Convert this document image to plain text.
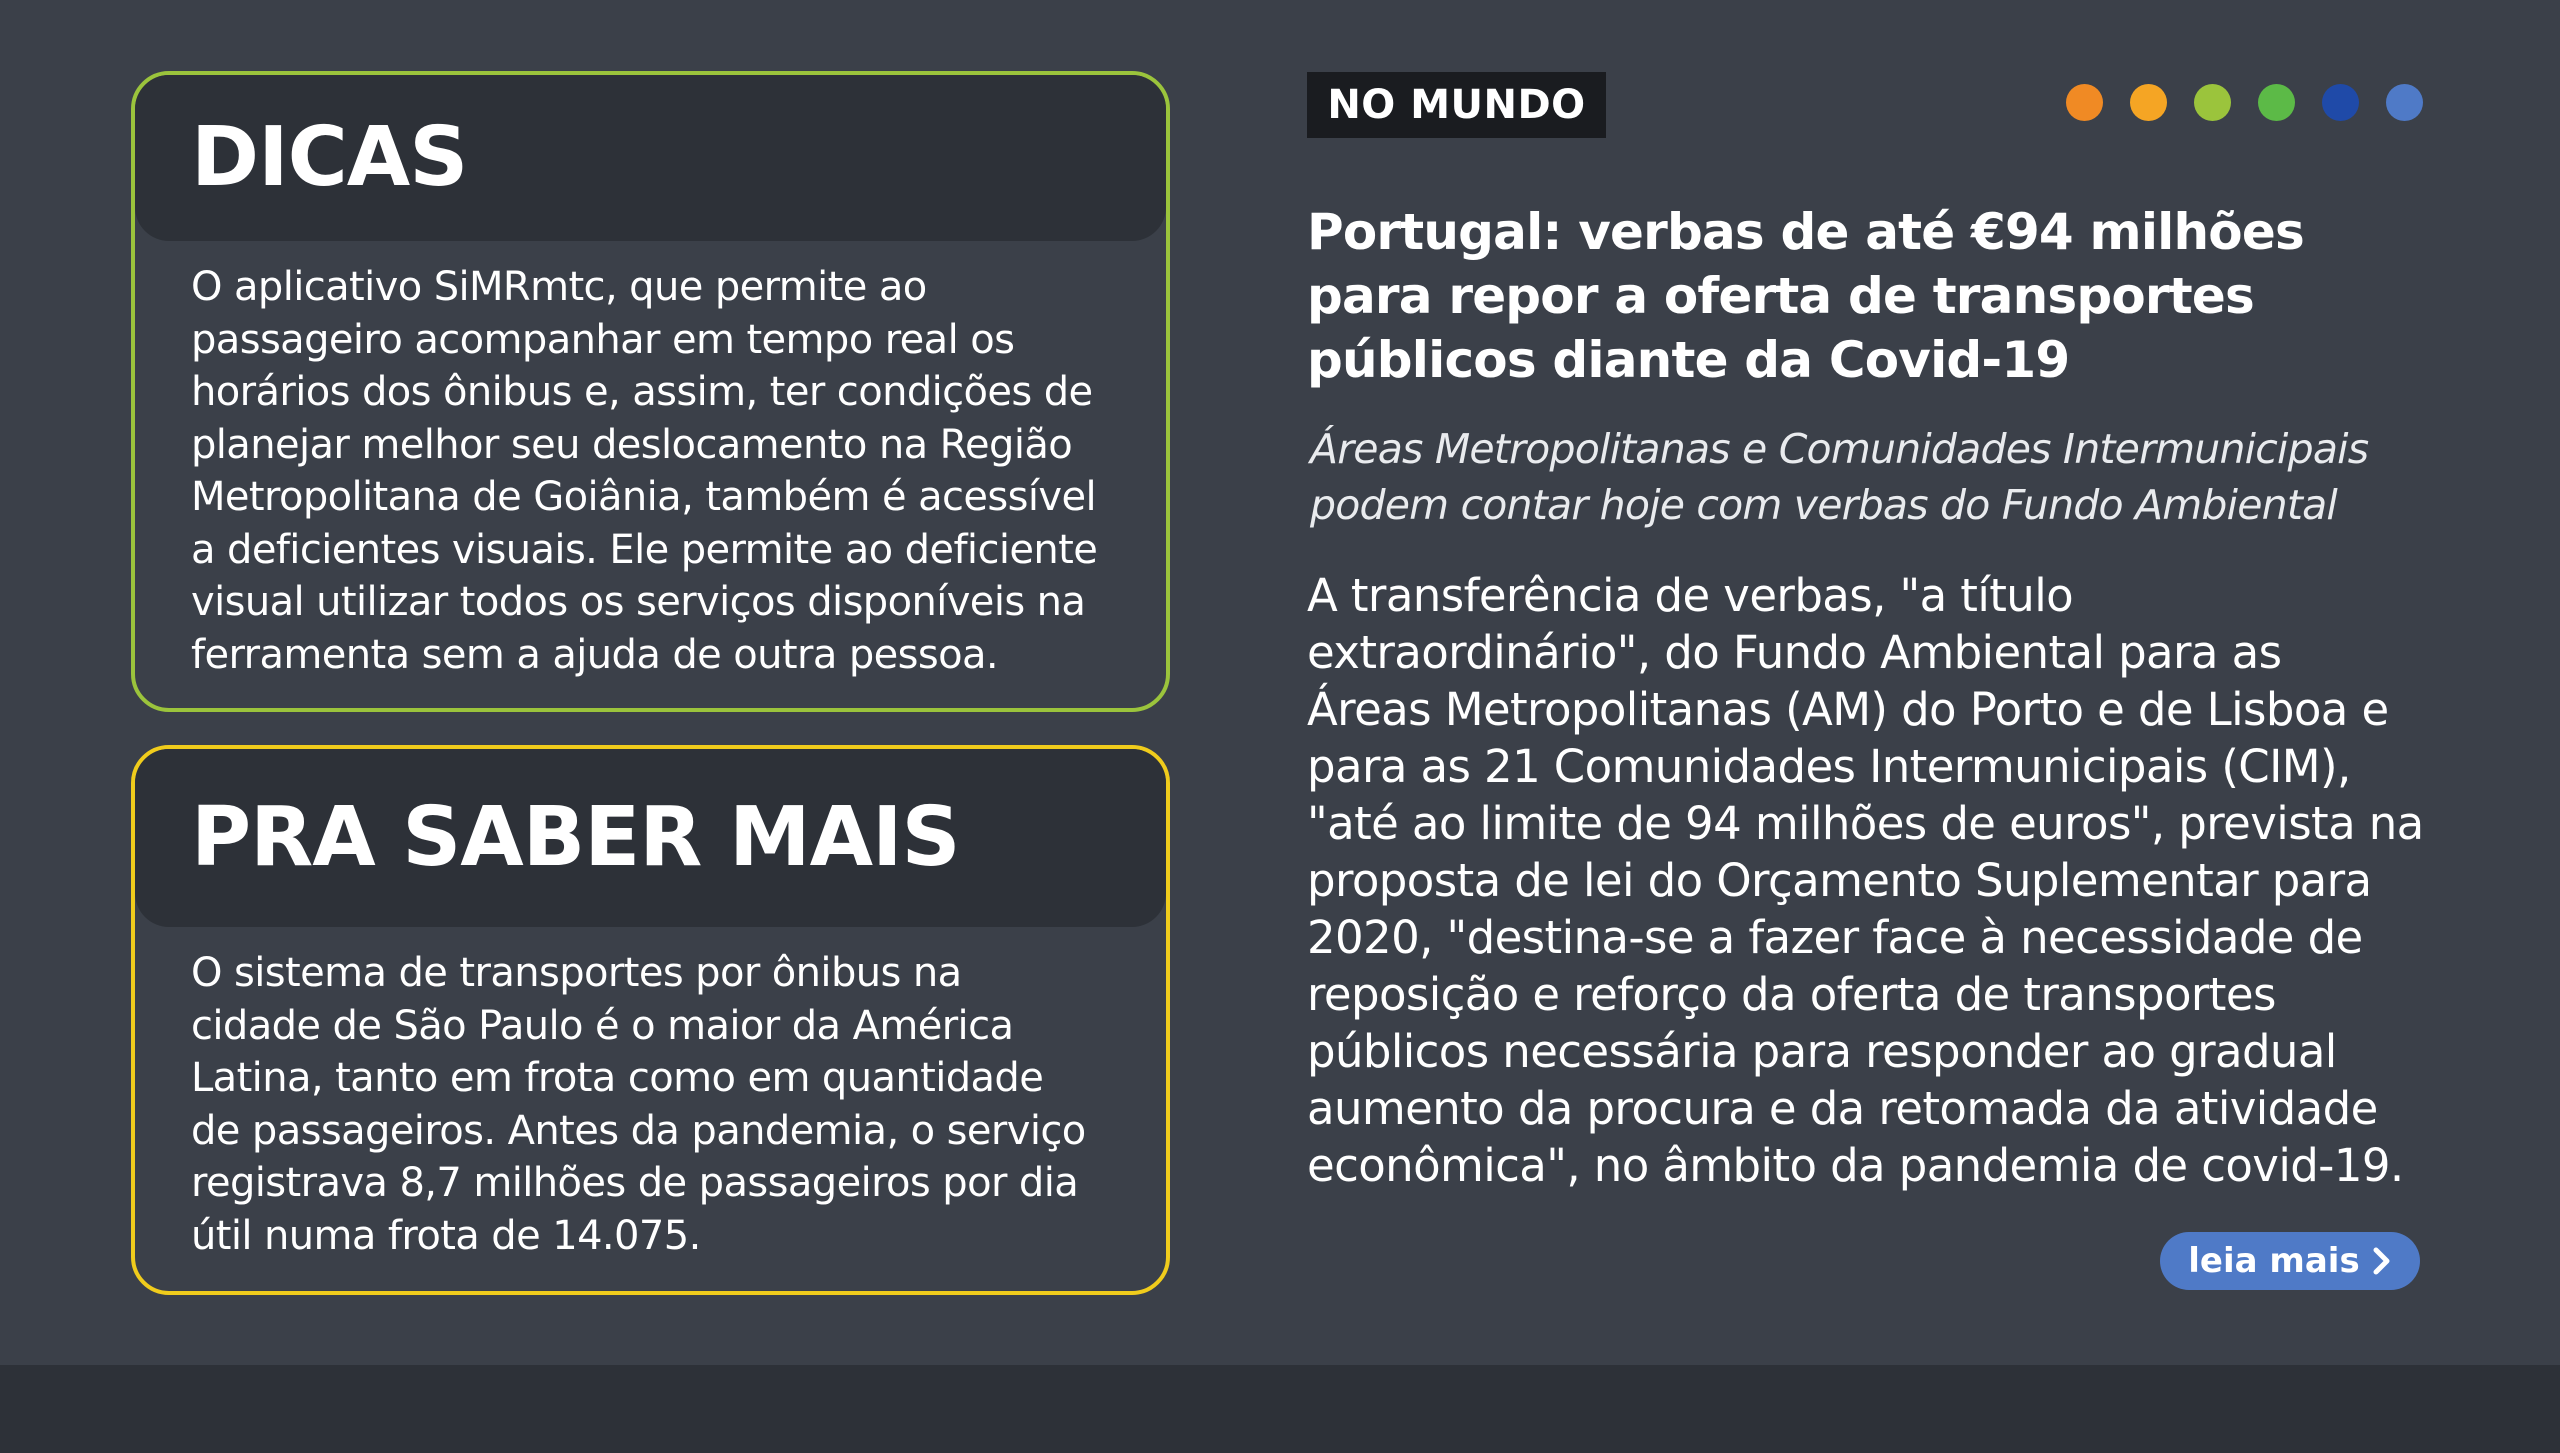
DICAS
O aplicativo SiMRmtc, que permite ao
passageiro acompanhar em tempo real os
horários dos ônibus e, assim, ter condições de
planejar melhor seu deslocamento na Região
Metropolitana de Goiânia, também é acessível
a deficientes visuais. Ele permite ao deficiente
visual utilizar todos os serviços disponíveis na
ferramenta sem a ajuda de outra pessoa.
PRA SABER MAIS
O sistema de transportes por ônibus na
cidade de São Paulo é o maior da América
Latina, tanto em frota como em quantidade
de passageiros. Antes da pandemia, o serviço
registrava 8,7 milhões de passageiros por dia
útil numa frota de 14.075.
NO MUNDO
Portugal: verbas de até €94 milhões
para repor a oferta de transportes
públicos diante da Covid-19
Áreas Metropolitanas e Comunidades Intermunicipais
podem contar hoje com verbas do Fundo Ambiental
A transferência de verbas, "a título
extraordinário", do Fundo Ambiental para as
Áreas Metropolitanas (AM) do Porto e de Lisboa e
para as 21 Comunidades Intermunicipais (CIM),
"até ao limite de 94 milhões de euros", prevista na
proposta de lei do Orçamento Suplementar para
2020, "destina-se a fazer face à necessidade de
reposição e reforço da oferta de transportes
públicos necessária para responder ao gradual
aumento da procura e da retomada da atividade
econômica", no âmbito da pandemia de covid-19.
leia mais
